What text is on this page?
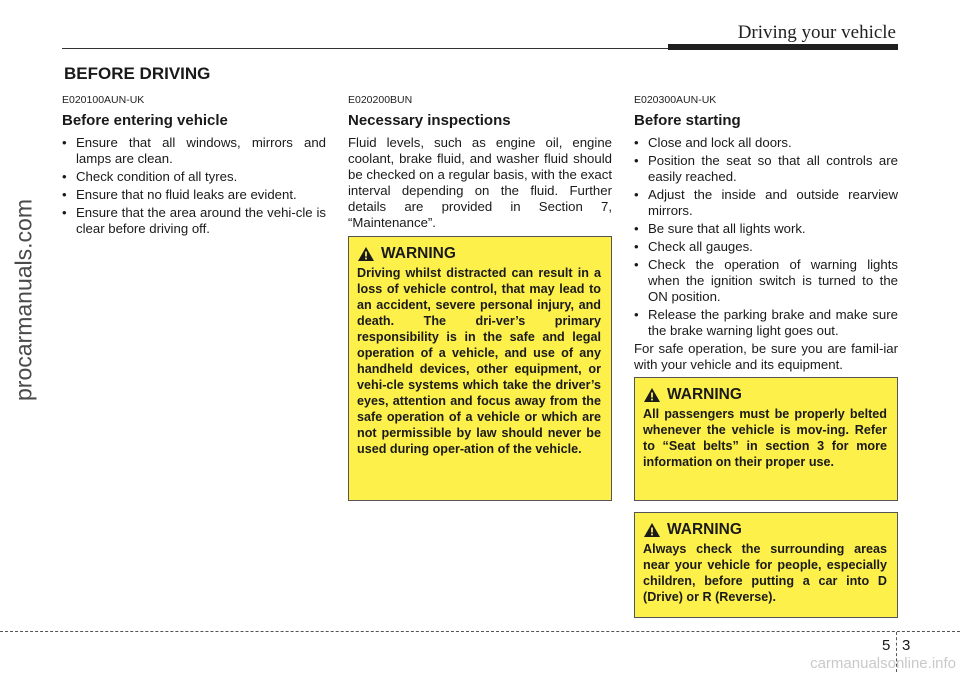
Driving your vehicle
BEFORE DRIVING
procarmanuals.com
E020100AUN-UK
Before entering vehicle
• Ensure that all windows, mirrors and lamps are clean.
• Check condition of all tyres.
• Ensure that no fluid leaks are evident.
• Ensure that the area around the vehi-cle is clear before driving off.
E020200BUN
Necessary inspections

Fluid levels, such as engine oil, engine coolant, brake fluid, and washer fluid should be checked on a regular basis, with the exact interval depending on the fluid. Further details are provided in Section 7, “Maintenance”.

E020300AUN-UK
Before starting
• Close and lock all doors.
• Position the seat so that all controls are easily reached.
• Adjust the inside and outside rearview mirrors.
• Be sure that all lights work.
• Check all gauges.
• Check the operation of warning lights when the ignition switch is turned to the ON position.
• Release the parking brake and make sure the brake warning light goes out.

For safe operation, be sure you are famil-iar with your vehicle and its equipment.

WARNING

Driving whilst distracted can result in a loss of vehicle control, that may lead to an accident, severe personal injury, and death. The dri-ver’s primary responsibility is in the safe and legal operation of a vehicle, and use of any handheld devices, other equipment, or vehi-cle systems which take the driver’s eyes, attention and focus away from the safe operation of a vehicle or which are not permissible by law should never be used during oper-ation of the vehicle.

WARNING

All passengers must be properly belted whenever the vehicle is mov-ing. Refer to “Seat belts” in section 3 for more information on their proper use.

WARNING

Always check the surrounding areas near your vehicle for people, especially children, before putting a car into D (Drive) or R (Reverse).

5 3
carmanualsonline.info
